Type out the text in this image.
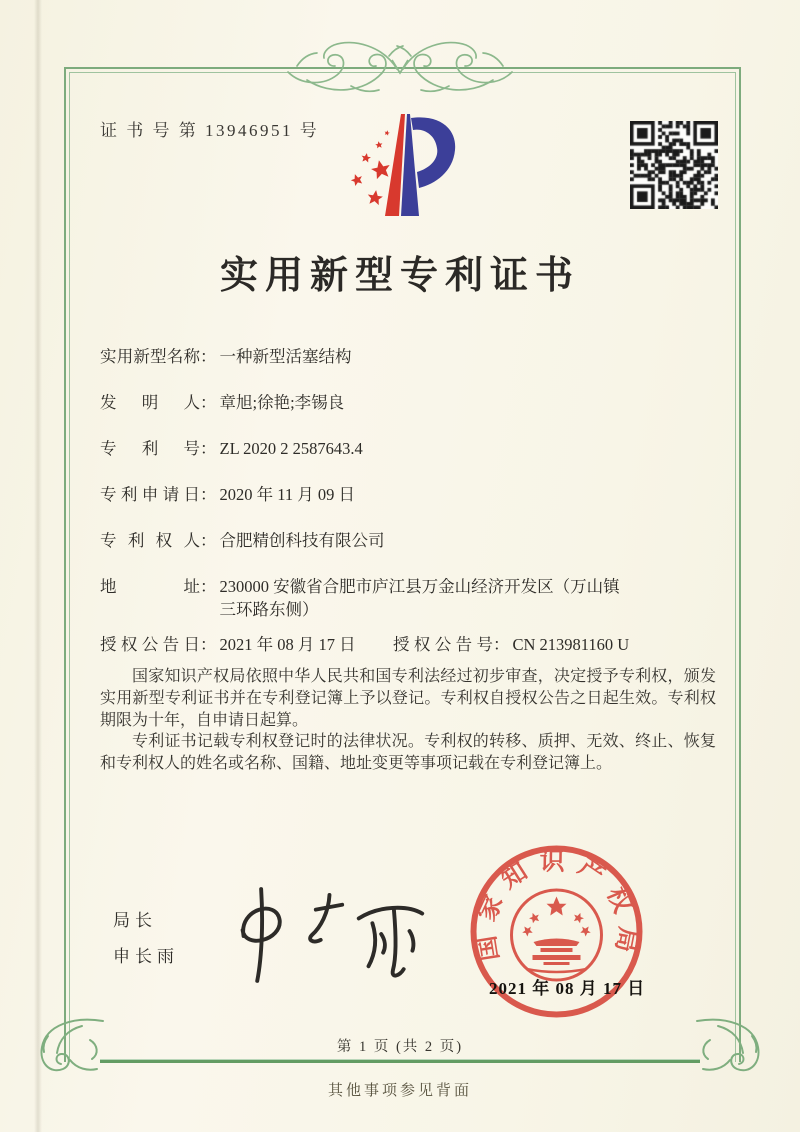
证 书 号 第 13946951 号
实用新型专利证书
实用新型名称： 一种新型活塞结构
发明人： 章旭;徐艳;李锡良
专利号： ZL 2020 2 2587643.4
专利申请日： 2020 年 11 月 09 日
专利权人： 合肥精创科技有限公司
地址： 230000 安徽省合肥市庐江县万金山经济开发区（万山镇
三环路东侧）
授权公告日： 2021 年 08 月 17 日 授权公告号： CN 213981160 U

国家知识产权局依照中华人民共和国专利法经过初步审查，决定授予专利权，颁发实用新型专利证书并在专利登记簿上予以登记。专利权自授权公告之日起生效。专利权期限为十年，自申请日起算。

专利证书记载专利权登记时的法律状况。专利权的转移、质押、无效、终止、恢复和专利权人的姓名或名称、国籍、地址变更等事项记载在专利登记簿上。

局长
申长雨	国家知识产权局
2021 年 08 月 17 日
第 1 页 (共 2 页)
其他事项参见背面
